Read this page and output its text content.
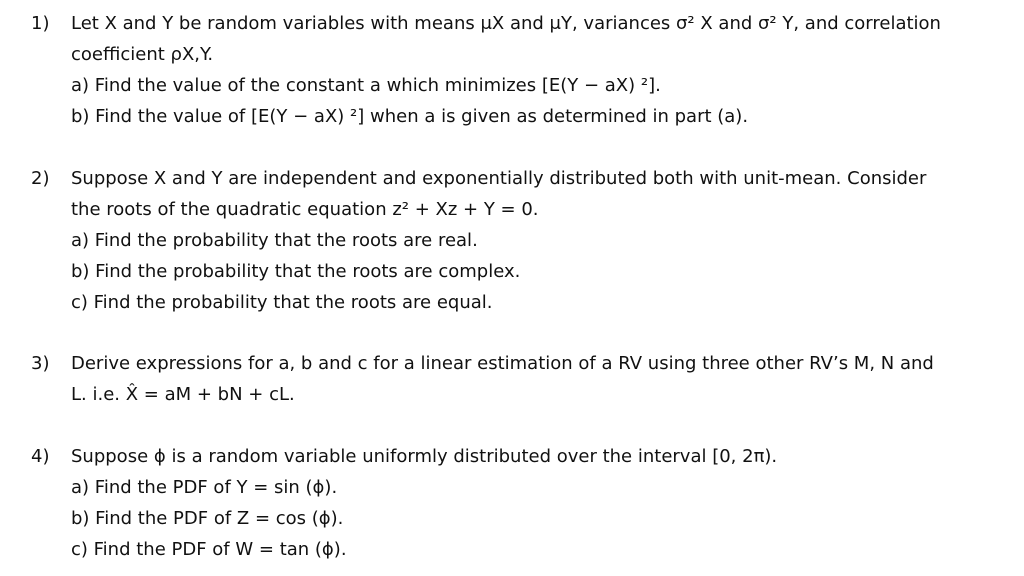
1) Let X and Y be random variables with means μX and μY, variances σ² X and σ² Y, and correlation
coefficient ρX,Y.
a) Find the value of the constant a which minimizes [E(Y − aX) ²].
b) Find the value of [E(Y − aX) ²] when a is given as determined in part (a).
2) Suppose X and Y are independent and exponentially distributed both with unit-mean. Consider
the roots of the quadratic equation z² + Xz + Y = 0.
a) Find the probability that the roots are real.
b) Find the probability that the roots are complex.
c) Find the probability that the roots are equal.
3) Derive expressions for a, b and c for a linear estimation of a RV using three other RV’s M, N and
L. i.e. X̂ = aM + bN + cL.
4) Suppose ϕ is a random variable uniformly distributed over the interval [0, 2π).
a) Find the PDF of Y = sin (ϕ).
b) Find the PDF of Z = cos (ϕ).
c) Find the PDF of W = tan (ϕ).
